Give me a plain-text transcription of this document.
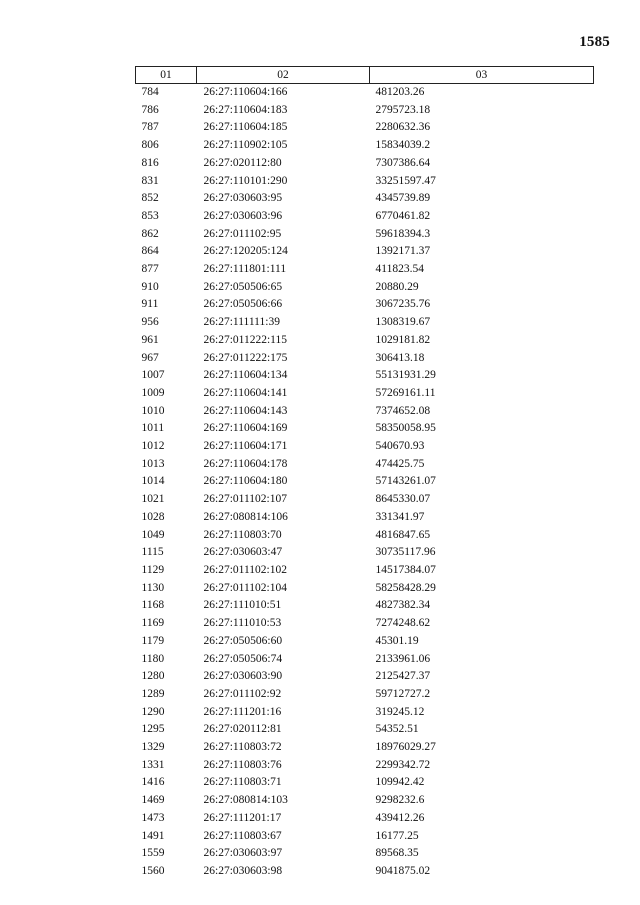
1585
01	02	03
784	26:27:110604:166	481203.26
786	26:27:110604:183	2795723.18
787	26:27:110604:185	2280632.36
806	26:27:110902:105	15834039.2
816	26:27:020112:80	7307386.64
831	26:27:110101:290	33251597.47
852	26:27:030603:95	4345739.89
853	26:27:030603:96	6770461.82
862	26:27:011102:95	59618394.3
864	26:27:120205:124	1392171.37
877	26:27:111801:111	411823.54
910	26:27:050506:65	20880.29
911	26:27:050506:66	3067235.76
956	26:27:111111:39	1308319.67
961	26:27:011222:115	1029181.82
967	26:27:011222:175	306413.18
1007	26:27:110604:134	55131931.29
1009	26:27:110604:141	57269161.11
1010	26:27:110604:143	7374652.08
1011	26:27:110604:169	58350058.95
1012	26:27:110604:171	540670.93
1013	26:27:110604:178	474425.75
1014	26:27:110604:180	57143261.07
1021	26:27:011102:107	8645330.07
1028	26:27:080814:106	331341.97
1049	26:27:110803:70	4816847.65
1115	26:27:030603:47	30735117.96
1129	26:27:011102:102	14517384.07
1130	26:27:011102:104	58258428.29
1168	26:27:111010:51	4827382.34
1169	26:27:111010:53	7274248.62
1179	26:27:050506:60	45301.19
1180	26:27:050506:74	2133961.06
1280	26:27:030603:90	2125427.37
1289	26:27:011102:92	59712727.2
1290	26:27:111201:16	319245.12
1295	26:27:020112:81	54352.51
1329	26:27:110803:72	18976029.27
1331	26:27:110803:76	2299342.72
1416	26:27:110803:71	109942.42
1469	26:27:080814:103	9298232.6
1473	26:27:111201:17	439412.26
1491	26:27:110803:67	16177.25
1559	26:27:030603:97	89568.35
1560	26:27:030603:98	9041875.02
